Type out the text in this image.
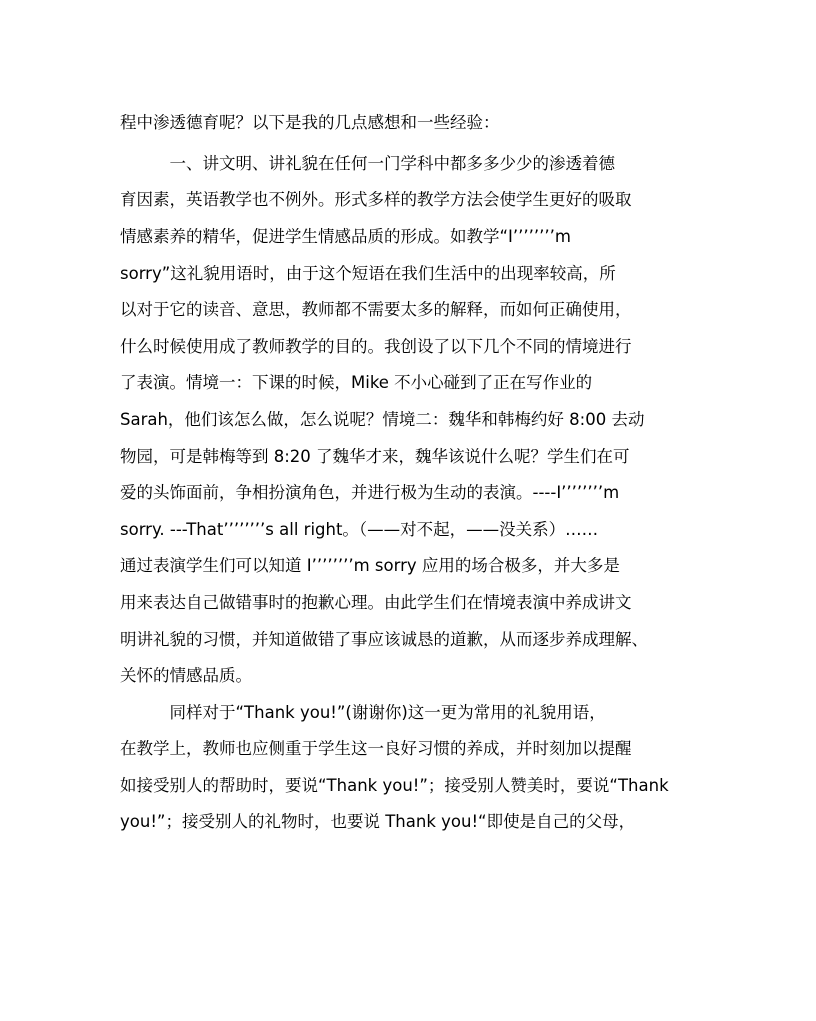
程中渗透德育呢？以下是我的几点感想和一些经验：
　　　一、讲文明、讲礼貌在任何一门学科中都多多少少的渗透着德
育因素，英语教学也不例外。形式多样的教学方法会使学生更好的吸取
情感素养的精华，促进学生情感品质的形成。如教学“I’’’’’’’’m
sorry”这礼貌用语时，由于这个短语在我们生活中的出现率较高，所
以对于它的读音、意思，教师都不需要太多的解释，而如何正确使用，
什么时候使用成了教师教学的目的。我创设了以下几个不同的情境进行
了表演。情境一：下课的时候，Mike 不小心碰到了正在写作业的
Sarah，他们该怎么做，怎么说呢？情境二：魏华和韩梅约好 8:00 去动
物园，可是韩梅等到 8:20 了魏华才来，魏华该说什么呢？学生们在可
爱的头饰面前，争相扮演角色，并进行极为生动的表演。----I’’’’’’’’m
sorry. ---That’’’’’’’’s all right。（——对不起，——没关系）……
通过表演学生们可以知道 I’’’’’’’’m sorry 应用的场合极多，并大多是
用来表达自己做错事时的抱歉心理。由此学生们在情境表演中养成讲文
明讲礼貌的习惯，并知道做错了事应该诚恳的道歉，从而逐步养成理解、
关怀的情感品质。
　　　同样对于“Thank you!”(谢谢你)这一更为常用的礼貌用语，
在教学上，教师也应侧重于学生这一良好习惯的养成，并时刻加以提醒
如接受别人的帮助时，要说“Thank you!”；接受别人赞美时，要说“Thank
you!”；接受别人的礼物时，也要说 Thank you!“即使是自己的父母，
